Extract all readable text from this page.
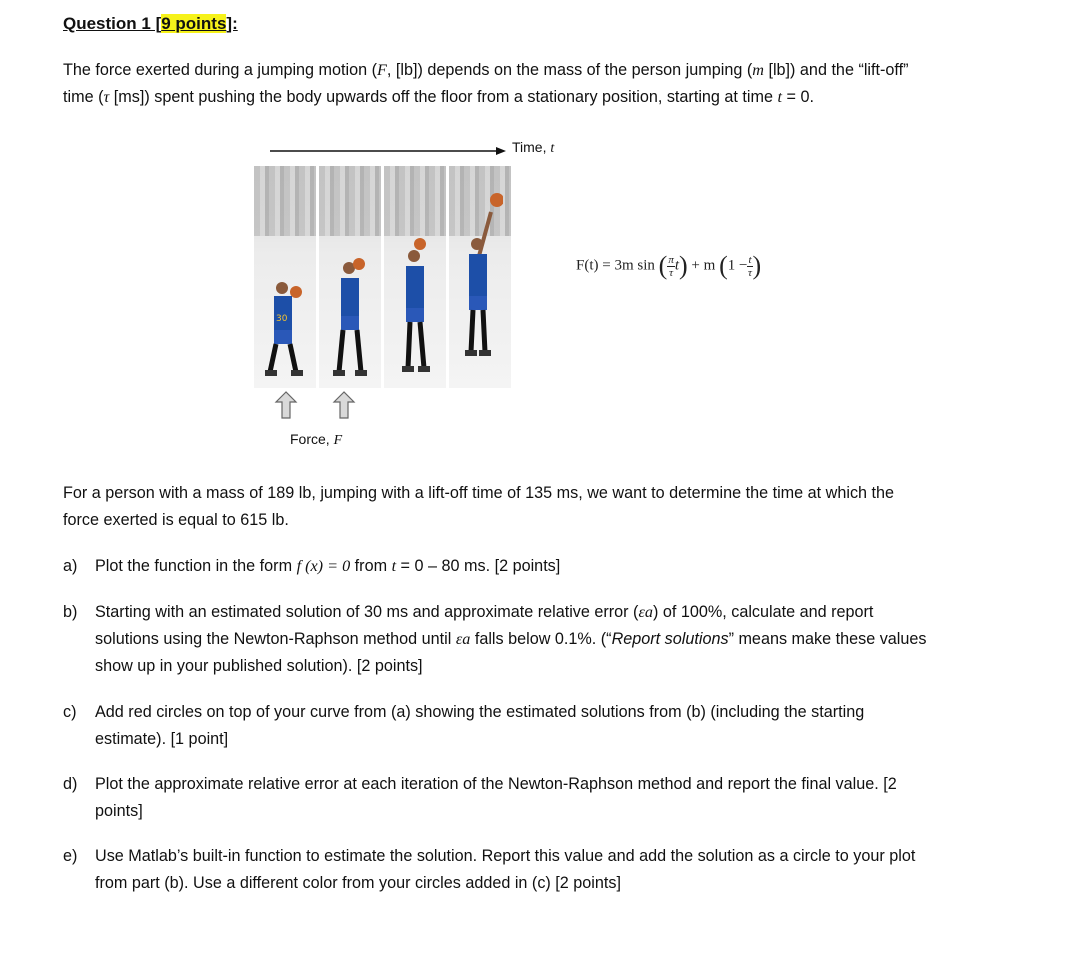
Question 1 [9 points]:
The force exerted during a jumping motion (F, [lb]) depends on the mass of the person jumping (m [lb]) and the “lift-off”
time (τ [ms]) spent pushing the body upwards off the floor from a stationary position, starting at time t = 0.
Time, t
30
Force, F
F(t) = 3m sin ( $\frac{\pi}{\tau} t) + m$ ($1 - \frac{t}{\tau}$ )
For a person with a mass of 189 lb, jumping with a lift-off time of 135 ms, we want to determine the time at which the
force exerted is equal to 615 lb.
a) Plot the function in the form f (x) = 0 from t = 0 – 80 ms. [2 points]
b) Starting with an estimated solution of 30 ms and approximate relative error (εa) of 100%, calculate and report
solutions using the Newton-Raphson method until εa falls below 0.1%. (“Report solutions” means make these values
show up in your published solution). [2 points]
c) Add red circles on top of your curve from (a) showing the estimated solutions from (b) (including the starting
estimate). [1 point]
d) Plot the approximate relative error at each iteration of the Newton-Raphson method and report the final value. [2
points]
e) Use Matlab’s built-in function to estimate the solution. Report this value and add the solution as a circle to your plot
from part (b). Use a different color from your circles added in (c) [2 points]
